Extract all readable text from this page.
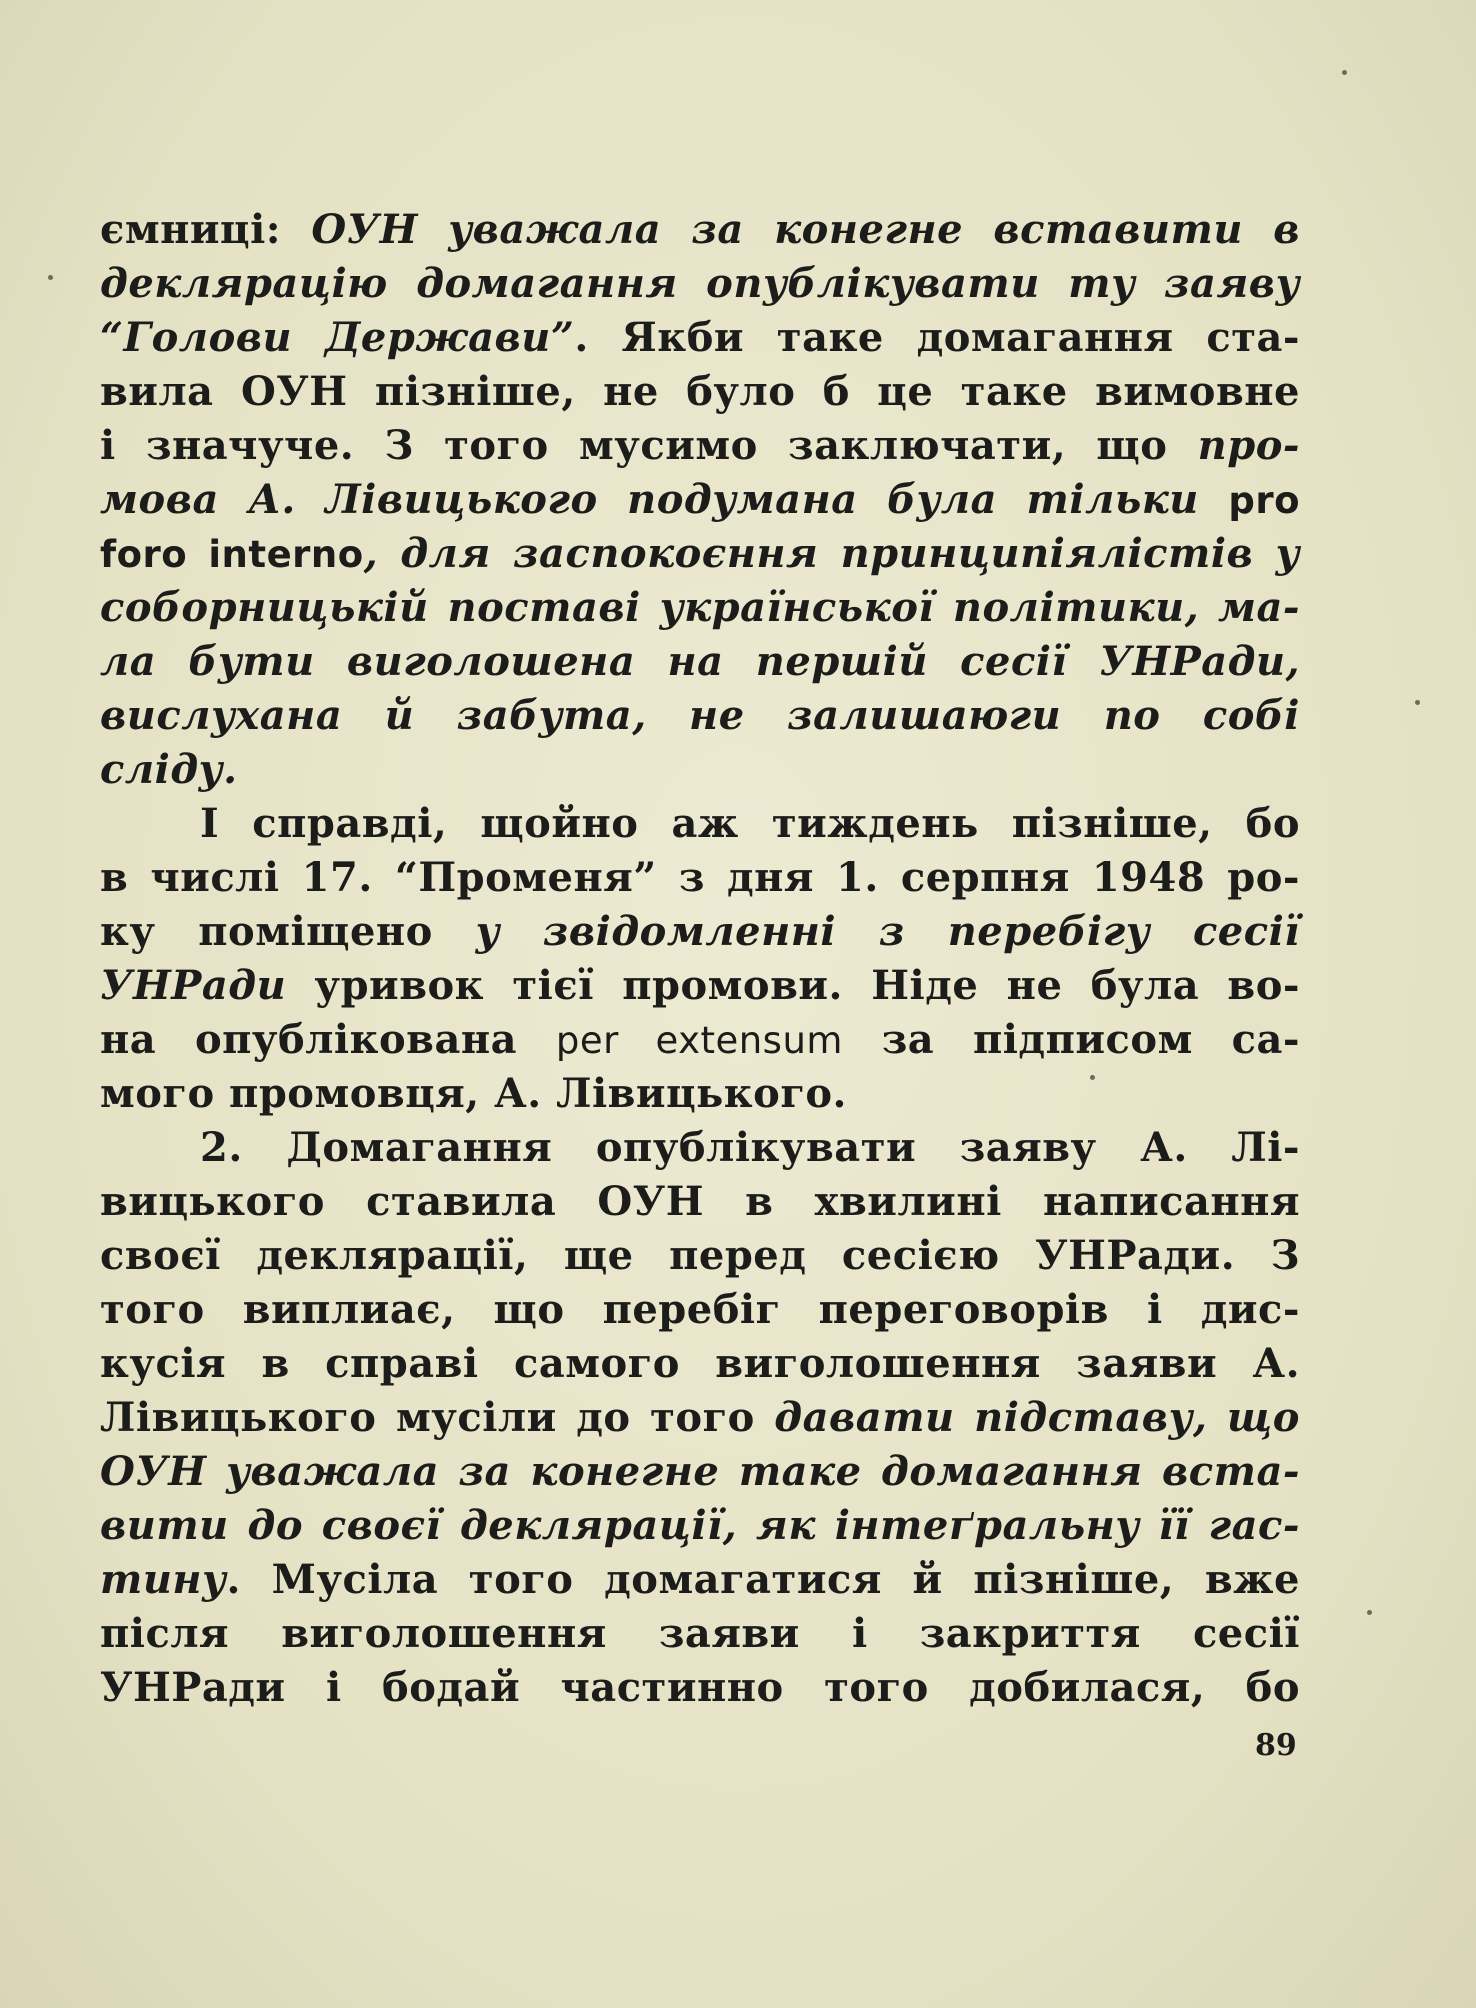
ємниці: ОУН уважала за конегне вставити в
деклярацію домагання опублікувати ту заяву
“Голови Держави”. Якби таке домагання ста-
вила ОУН пізніше, не було б це таке вимовне
і значуче. З того мусимо заключати, що про-
мова А. Лівицького подумана була тільки pro
foro interno, для заспокоєння принципіялістів у
соборницькій поставі української політики, ма-
ла бути виголошена на першій сесії УНРади,
вислухана й забута, не залишаюги по собі
сліду.
І справді, щойно аж тиждень пізніше, бо
в числі 17. “Променя” з дня 1. серпня 1948 ро-
ку поміщено у звідомленні з перебігу сесії
УНРади уривок тієї промови. Ніде не була во-
на опублікована per extensum за підписом са-
мого промовця, А. Лівицького.
2. Домагання опублікувати заяву А. Лі-
вицького ставила ОУН в хвилині написання
своєї деклярації, ще перед сесією УНРади. З
того виплиає, що перебіг переговорів і дис-
кусія в справі самого виголошення заяви А.
Лівицького мусіли до того давати підставу, що
ОУН уважала за конегне таке домагання вста-
вити до своєї деклярації, як інтеґральну її гас-
тину. Мусіла того домагатися й пізніше, вже
після виголошення заяви і закриття сесії
УНРади і бодай частинно того добилася, бо
89
